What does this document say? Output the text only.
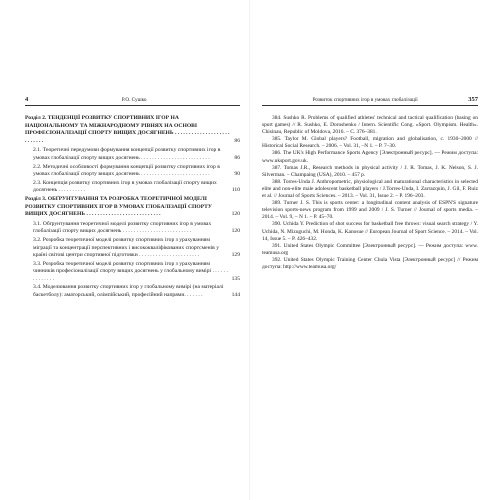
4	Р.О. Сушко
Розділ 2. ТЕНДЕНЦІЇ РОЗВИТКУ СПОРТИВНИХ ІГОР НА НАЦІОНАЛЬНОМУ ТА МІЖНАРОДНОМУ РІВНЯХ НА ОСНОВІ ПРОФЕСІОНАЛІЗАЦІЇ СПОРТУ ВИЩИХ ДОСЯГНЕНЬ . . . . . . . . . . . . . . . . . . . . . . . . . . .	86
2.1. Теоретичні передумови формування концепції розвитку спортивних ігор в умовах глобалізації спорту вищих досягнень . . . . . . . . . . . . . . . . . . . . . . . . .	86
2.2. Методичні особливості формування концепції розвитку спортивних ігор в умовах глобалізації спорту вищих досягнень . . . . . . . . . . . . . . . . . . . . . . . . .	90
2.3. Концепція розвитку спортивних ігор в умовах глобалізації спорту вищих досягнень . . . . . . . . . .	110
Розділ 3. ОБҐРУНТУВАННЯ ТА РОЗРОБКА ТЕОРЕТИЧНОЇ МОДЕЛІ РОЗВИТКУ СПОРТИВНИХ ІГОР В УМОВАХ ГЛОБАЛІЗАЦІЇ СПОРТУ ВИЩИХ ДОСЯГНЕНЬ . . . . . . . . . . . . . . . . . . . . . . . . . . .	120
3.1. Обґрунтування теоретичної моделі розвитку спортивних ігор в умовах глобалізації спорту вищих досягнень . . . . . . . . . . . . . . . . . . . . . . . . .	120
3.2. Розробка теоретичної моделі розвитку спортивних ігор з урахуванням міграції та концентрації перспективних і висококваліфікованих спортсменів у країні світові центри спортивної підготовки . . . . . . . . . . . . . . . . . . . . . .	129
3.3. Розробка теоретичної моделі розвитку спортивних ігор з урахуванням чинників професіоналізації спорту вищих досягнень у глобальному вимірі . . . . . . . . . . . . . .	135
3.4. Моделювання розвитку спортивних ігор у глобальному вимірі (на матеріалі баскетболу): аматорський, олімпійський, професійний напрями. . . . . . .	144
Розвиток спортивних ігор в умовах глобалізації	357

384. Sushko R. Problems of qualified athletes' technical and tactical qualification (basing on sport games) // R. Sushko, E. Doroshenko / Intern. Scientific Cong. «Sport. Olympism. Health». Chisinau, Republic of Moldova, 2016. – C. 376–381.

385. Taylor M. Global players? Football, migration and globalisation, c. 1930–2000 // Historical Social Research. – 2006. – Vol. 31, –N 1. – P. 7–30.

386. The UK's High Performance Sports Agency [Электронный ресурс]. — Режим доступа: www.uksport.gov.uk.

387. Tomas J.R., Research methods in physical activity / J. R. Tomas, J. K. Nelson, S. J. Silverman. – Champaing (USA), 2010. – 457 p.

388. Torres-Unda J. Anthropometric, physiological and maturational characteristics in selected elite and non-elite male adolescent basketball players / J.Torres-Unda, I. Zarrazquin, J. Gil, F. Ruiz et al. // Journal of Sports Sciences. – 2013. – Vol. 31, Issue 2. – P. 196–203.

389. Turner J. S. This is sports center: a longitudinal content analysis of ESPN'S signature television sports-news program from 1999 and 2009 / J. S. Turner // Journal of sports media. – 2014. – Vol. 9, – N 1. – P. 45–70.

390. Uchida Y. Prediction of shot success for basketball free throws: visual search strategy / Y. Uchida, N. Mizuguchi, M. Honda, K. Kanosue // European Journal of Sport Science. – 2014. – Vol. 14, Issue 5. – P. 426–432.

391. United States Olympic Committee [Электронный ресурс]. — Режим доступа: www. teamusa.org

392. United States Olympic Training Center Chula Vista [Электронный ресурс] // Режим доступа: http://www.teamusa.org/
